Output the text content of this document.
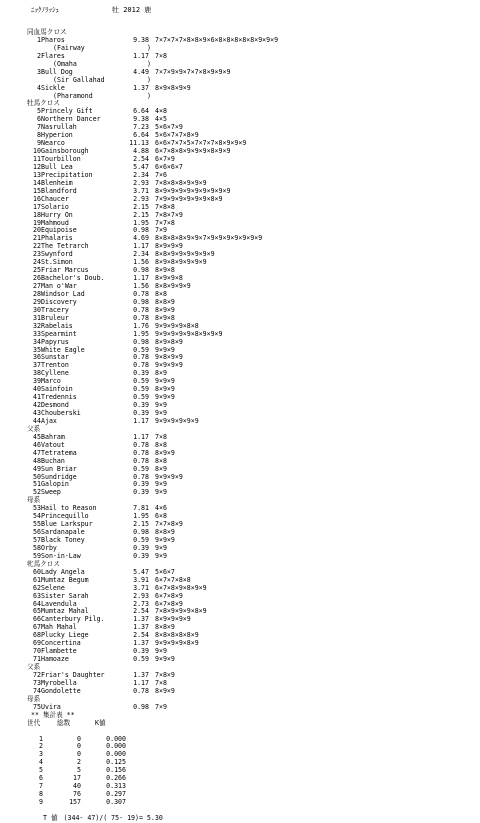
ﾆｯｸﾉﾗｯｼｭ	牡 2012 鹿
同血馬クロス
1Pharos	9.38 7×7×7×7×8×8×9×6×8×8×8×8×8×9×9×9
(Fairway	)
2Flares	1.17 7×8
(Omaha	)
3Bull Dog	4.49 7×7×9×9×7×7×8×9×9×9
(Sir Gallahad	)
4Sickle	1.37 8×9×8×9×9
(Pharamond	)
牡馬クロス
5Princely Gift	6.64 4×8
6Northern Dancer	9.38 4×5
7Nasrullah	7.23 5×6×7×9
8Hyperion	6.64 5×6×7×7×8×9
9Nearco	11.13 6×6×7×7×5×7×7×7×8×9×9×9
10Gainsborough	4.88 6×7×8×8×9×9×9×8×9×9
11Tourbillon	2.54 6×7×9
12Bull Lea	5.47 6×6×6×7
13Precipitation	2.34 7×6
14Blenheim	2.93 7×8×8×8×9×9×9
15Blandford	3.71 8×9×9×9×9×9×9×9×9×9
16Chaucer	2.93 7×9×9×9×9×9×9×8×9
17Solario	2.15 7×8×8
18Hurry On	2.15 7×8×7×9
19Mahmoud	1.95 7×7×8
20Equipoise	0.98 7×9
21Phalaris	4.69 8×8×8×8×9×9×7×9×9×9×9×9×9×9
22The Tetrarch	1.17 8×9×9×9
23Swynford	2.34 8×8×9×9×9×9×9×9
24St.Simon	1.56 8×9×8×9×9×9×9
25Friar Marcus	0.98 8×9×8
26Bachelor's Doub.	1.17 8×9×9×8
27Man o'War	1.56 8×8×9×9×9
28Windsor Lad	0.78 8×8
29Discovery	0.98 8×8×9
30Tracery	0.78 8×9×9
31Bruleur	0.78 8×9×8
32Rabelais	1.76 9×9×9×9×8×8
33Spearmint	1.95 9×9×9×9×9×8×9×9×9
34Papyrus	0.98 8×9×8×9
35White Eagle	0.59 9×9×9
36Sunstar	0.78 9×8×9×9
37Trenton	0.78 9×9×9×9
38Cyllene	0.39 8×9
39Marco	0.59 9×9×9
40Sainfoin	0.59 8×9×9
41Tredennis	0.59 9×9×9
42Desmond	0.39 9×9
43Chouberski	0.39 9×9
44Ajax	1.17 9×9×9×9×9×9
父系
45Bahram	1.17 7×8
46Vatout	0.78 8×8
47Tetratema	0.78 8×9×9
48Buchan	0.78 8×8
49Sun Briar	0.59 8×9
50Sundridge	0.78 9×9×9×9
51Galopin	0.39 9×9
52Sweep	0.39 9×9
母系
53Hail to Reason	7.81 4×6
54Princequillo	1.95 6×8
55Blue Larkspur	2.15 7×7×8×9
56Sardanapale	0.98 8×8×9
57Black Toney	0.59 9×9×9
58Orby	0.39 9×9
59Son-in-Law	0.39 9×9
牝馬クロス
60Lady Angela	5.47 5×6×7
61Mumtaz Begum	3.91 6×7×7×8×8
62Selene	3.71 6×7×8×9×8×9×9
63Sister Sarah	2.93 6×7×8×9
64Lavendula	2.73 6×7×8×9
65Mumtaz Mahal	2.54 7×8×9×9×9×8×9
66Canterbury Pilg.	1.37 8×9×9×9×9
67Mah Mahal	1.37 8×8×9
68Plucky Liege	2.54 8×8×8×8×8×9
69Concertina	1.37 9×9×9×9×8×9
70Flambette	0.39 9×9
71Hamoaze	0.59 9×9×9
父系
72Friar's Daughter	1.37 7×8×9
73Myrobella	1.17 7×8
74Gondolette	0.78 8×9×9
母系
75Uvira	0.98 7×9
** 集計表 **
世代	総数	K値
1	0	0.000
2	0	0.000
3	0	0.000
4	2	0.125
5	5	0.156
6	17	0.266
7	40	0.313
8	76	0.297
9	157	0.307
T 値 (344- 47)/( 75- 19)= 5.30
